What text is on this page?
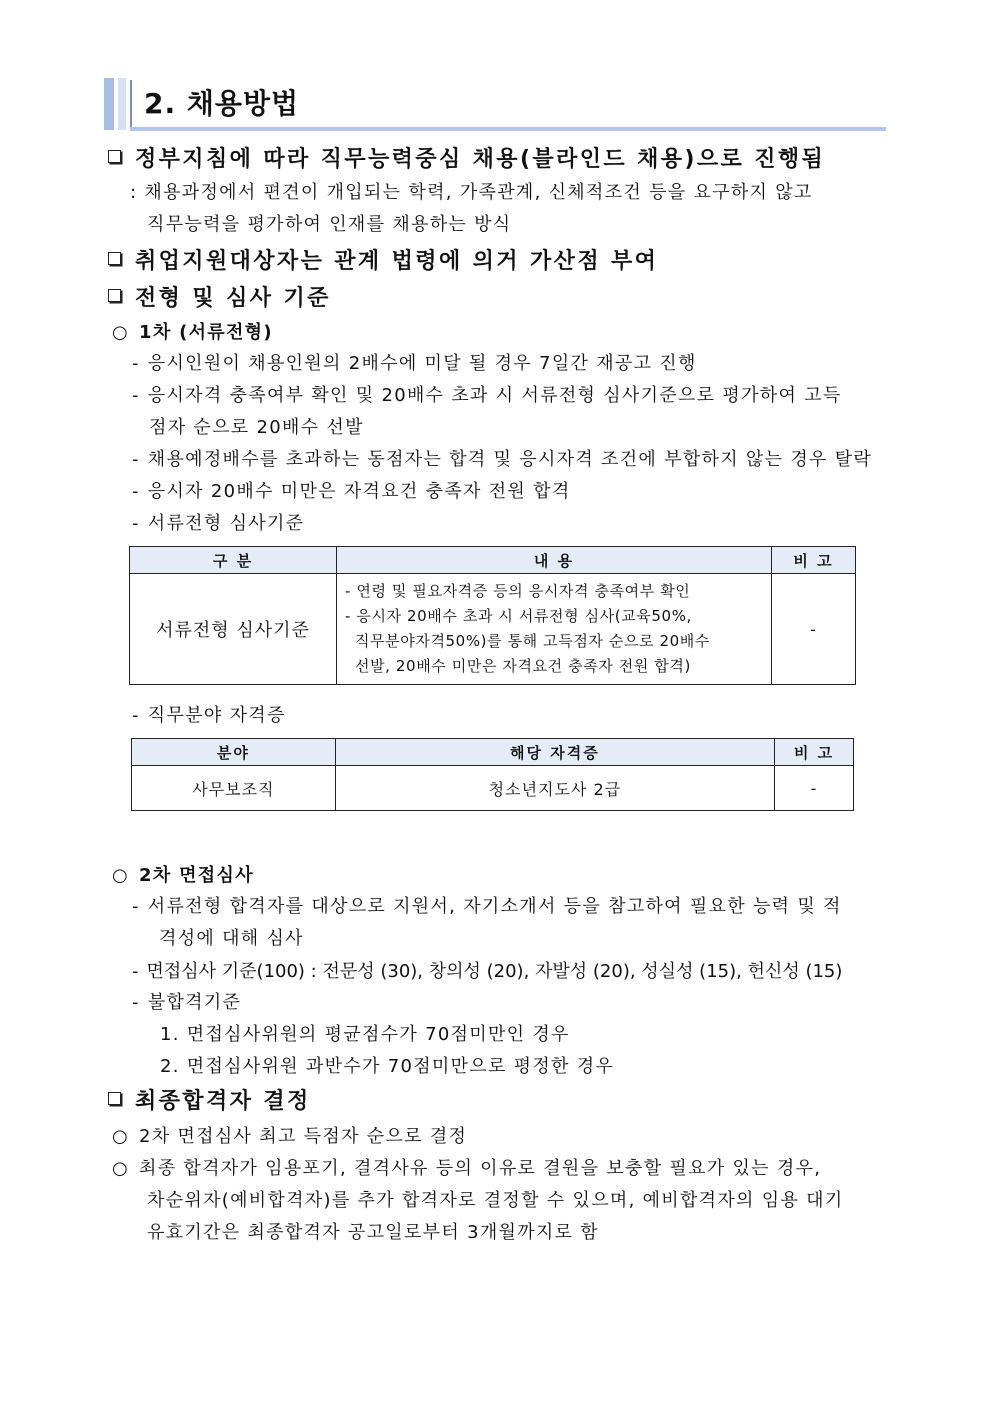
2. 채용방법
정부지침에 따라 직무능력중심 채용(블라인드 채용)으로 진행됨
: 채용과정에서 편견이 개입되는 학력, 가족관계, 신체적조건 등을 요구하지 않고
직무능력을 평가하여 인재를 채용하는 방식
취업지원대상자는 관계 법령에 의거 가산점 부여
전형 및 심사 기준
○ 1차 (서류전형)
- 응시인원이 채용인원의 2배수에 미달 될 경우 7일간 재공고 진행
- 응시자격 충족여부 확인 및 20배수 초과 시 서류전형 심사기준으로 평가하여 고득
점자 순으로 20배수 선발
- 채용예정배수를 초과하는 동점자는 합격 및 응시자격 조건에 부합하지 않는 경우 탈락
- 응시자 20배수 미만은 자격요건 충족자 전원 합격
- 서류전형 심사기준
구 분	내 용	비 고
서류전형 심사기준	- 연령 및 필요자격증 등의 응시자격 충족여부 확인
- 응시자 20배수 초과 시 서류전형 심사(교육50%,
직무분야자격50%)를 통해 고득점자 순으로 20배수
선발, 20배수 미만은 자격요건 충족자 전원 합격)	-
- 직무분야 자격증
분야	해당 자격증	비 고
사무보조직	청소년지도사 2급	-
○ 2차 면접심사
- 서류전형 합격자를 대상으로 지원서, 자기소개서 등을 참고하여 필요한 능력 및 적
격성에 대해 심사
- 면접심사 기준(100) : 전문성 (30), 창의성 (20), 자발성 (20), 성실성 (15), 헌신성 (15)
- 불합격기준
1. 면접심사위원의 평균점수가 70점미만인 경우
2. 면접심사위원 과반수가 70점미만으로 평정한 경우
최종합격자 결정
○ 2차 면접심사 최고 득점자 순으로 결정
○ 최종 합격자가 임용포기, 결격사유 등의 이유로 결원을 보충할 필요가 있는 경우,
차순위자(예비합격자)를 추가 합격자로 결정할 수 있으며, 예비합격자의 임용 대기
유효기간은 최종합격자 공고일로부터 3개월까지로 함
